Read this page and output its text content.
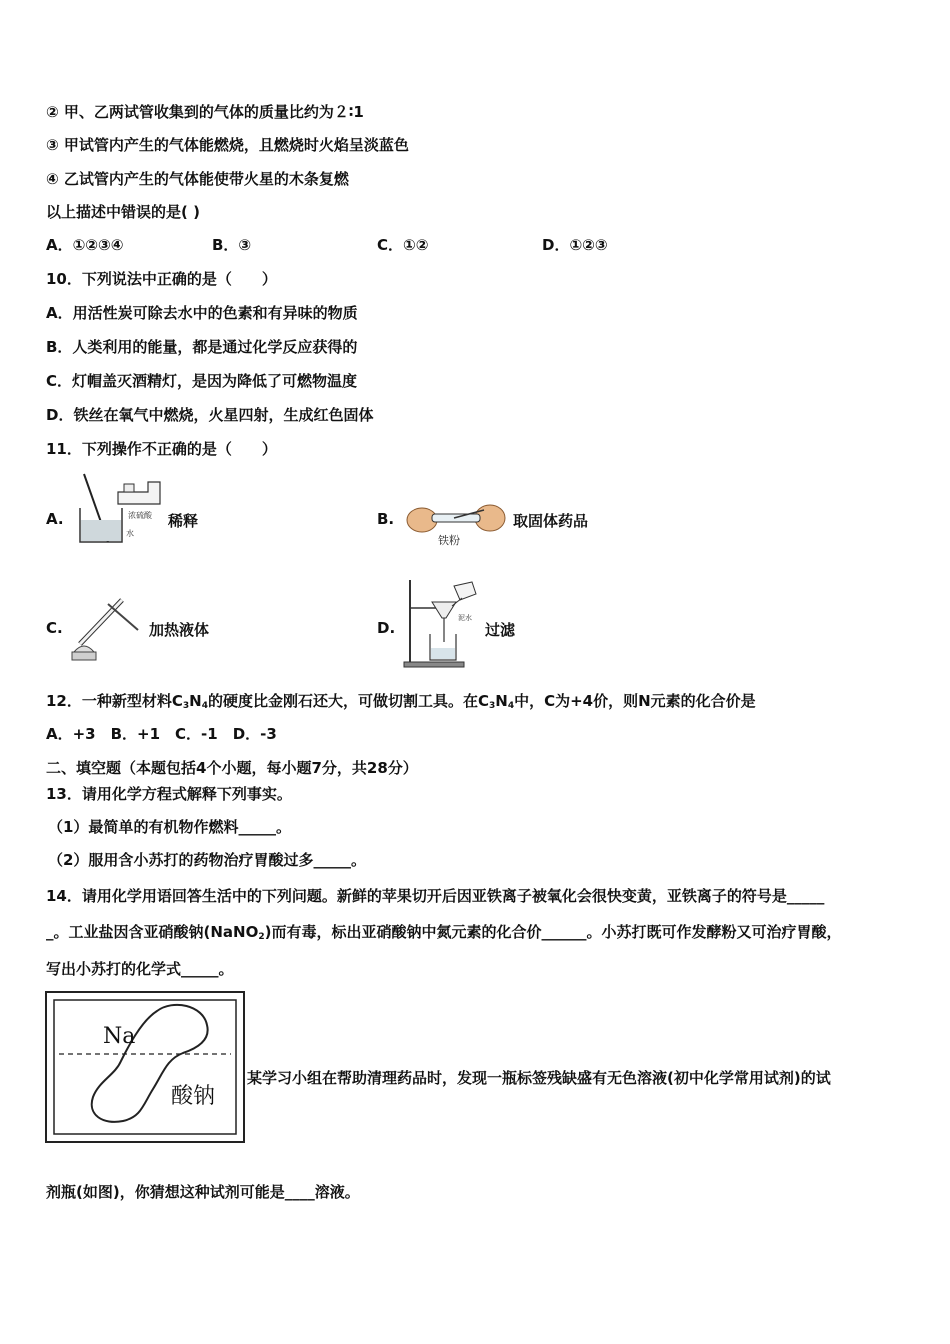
② 甲、乙两试管收集到的气体的质量比约为２∶1
③ 甲试管内产生的气体能燃烧，且燃烧时火焰呈淡蓝色
④ 乙试管内产生的气体能使带火星的木条复燃
以上描述中错误的是( )
A．①②③④	B．③	C．①②	D．①②③
10．下列说法中正确的是（　　）
A．用活性炭可除去水中的色素和有异味的物质
B．人类利用的能量，都是通过化学反应获得的
C．灯帽盖灭酒精灯，是因为降低了可燃物温度
D．铁丝在氧气中燃烧，火星四射，生成红色固体
11．下列操作不正确的是（　　）
A.	浓硫酸
水
稀释	B.
铁粉
取固体药品
C.	加热液体	D.
泥水
过滤
12．一种新型材料$C_3N_4$的硬度比金刚石还大，可做切割工具。在$C_3N_4$中，C为+4价，则N元素的化合价是
A．+3　B．+1　C．-1　D．-3
二、填空题（本题包括4个小题，每小题7分，共28分）
13．请用化学方程式解释下列事实。
（1）最简单的有机物作燃料_____。
（2）服用含小苏打的药物治疗胃酸过多_____。
14．请用化学用语回答生活中的下列问题。新鲜的苹果切开后因亚铁离子被氧化会很快变黄，亚铁离子的符号是_____
_。工业盐因含亚硝酸钠(NaNO$_2$)而有毒，标出亚硝酸钠中氮元素的化合价______。小苏打既可作发酵粉又可治疗胃酸，
写出小苏打的化学式_____。
Na
酸钠
某学习小组在帮助清理药品时，发现一瓶标签残缺盛有无色溶液(初中化学常用试剂)的试
剂瓶(如图)，你猜想这种试剂可能是____溶液。
